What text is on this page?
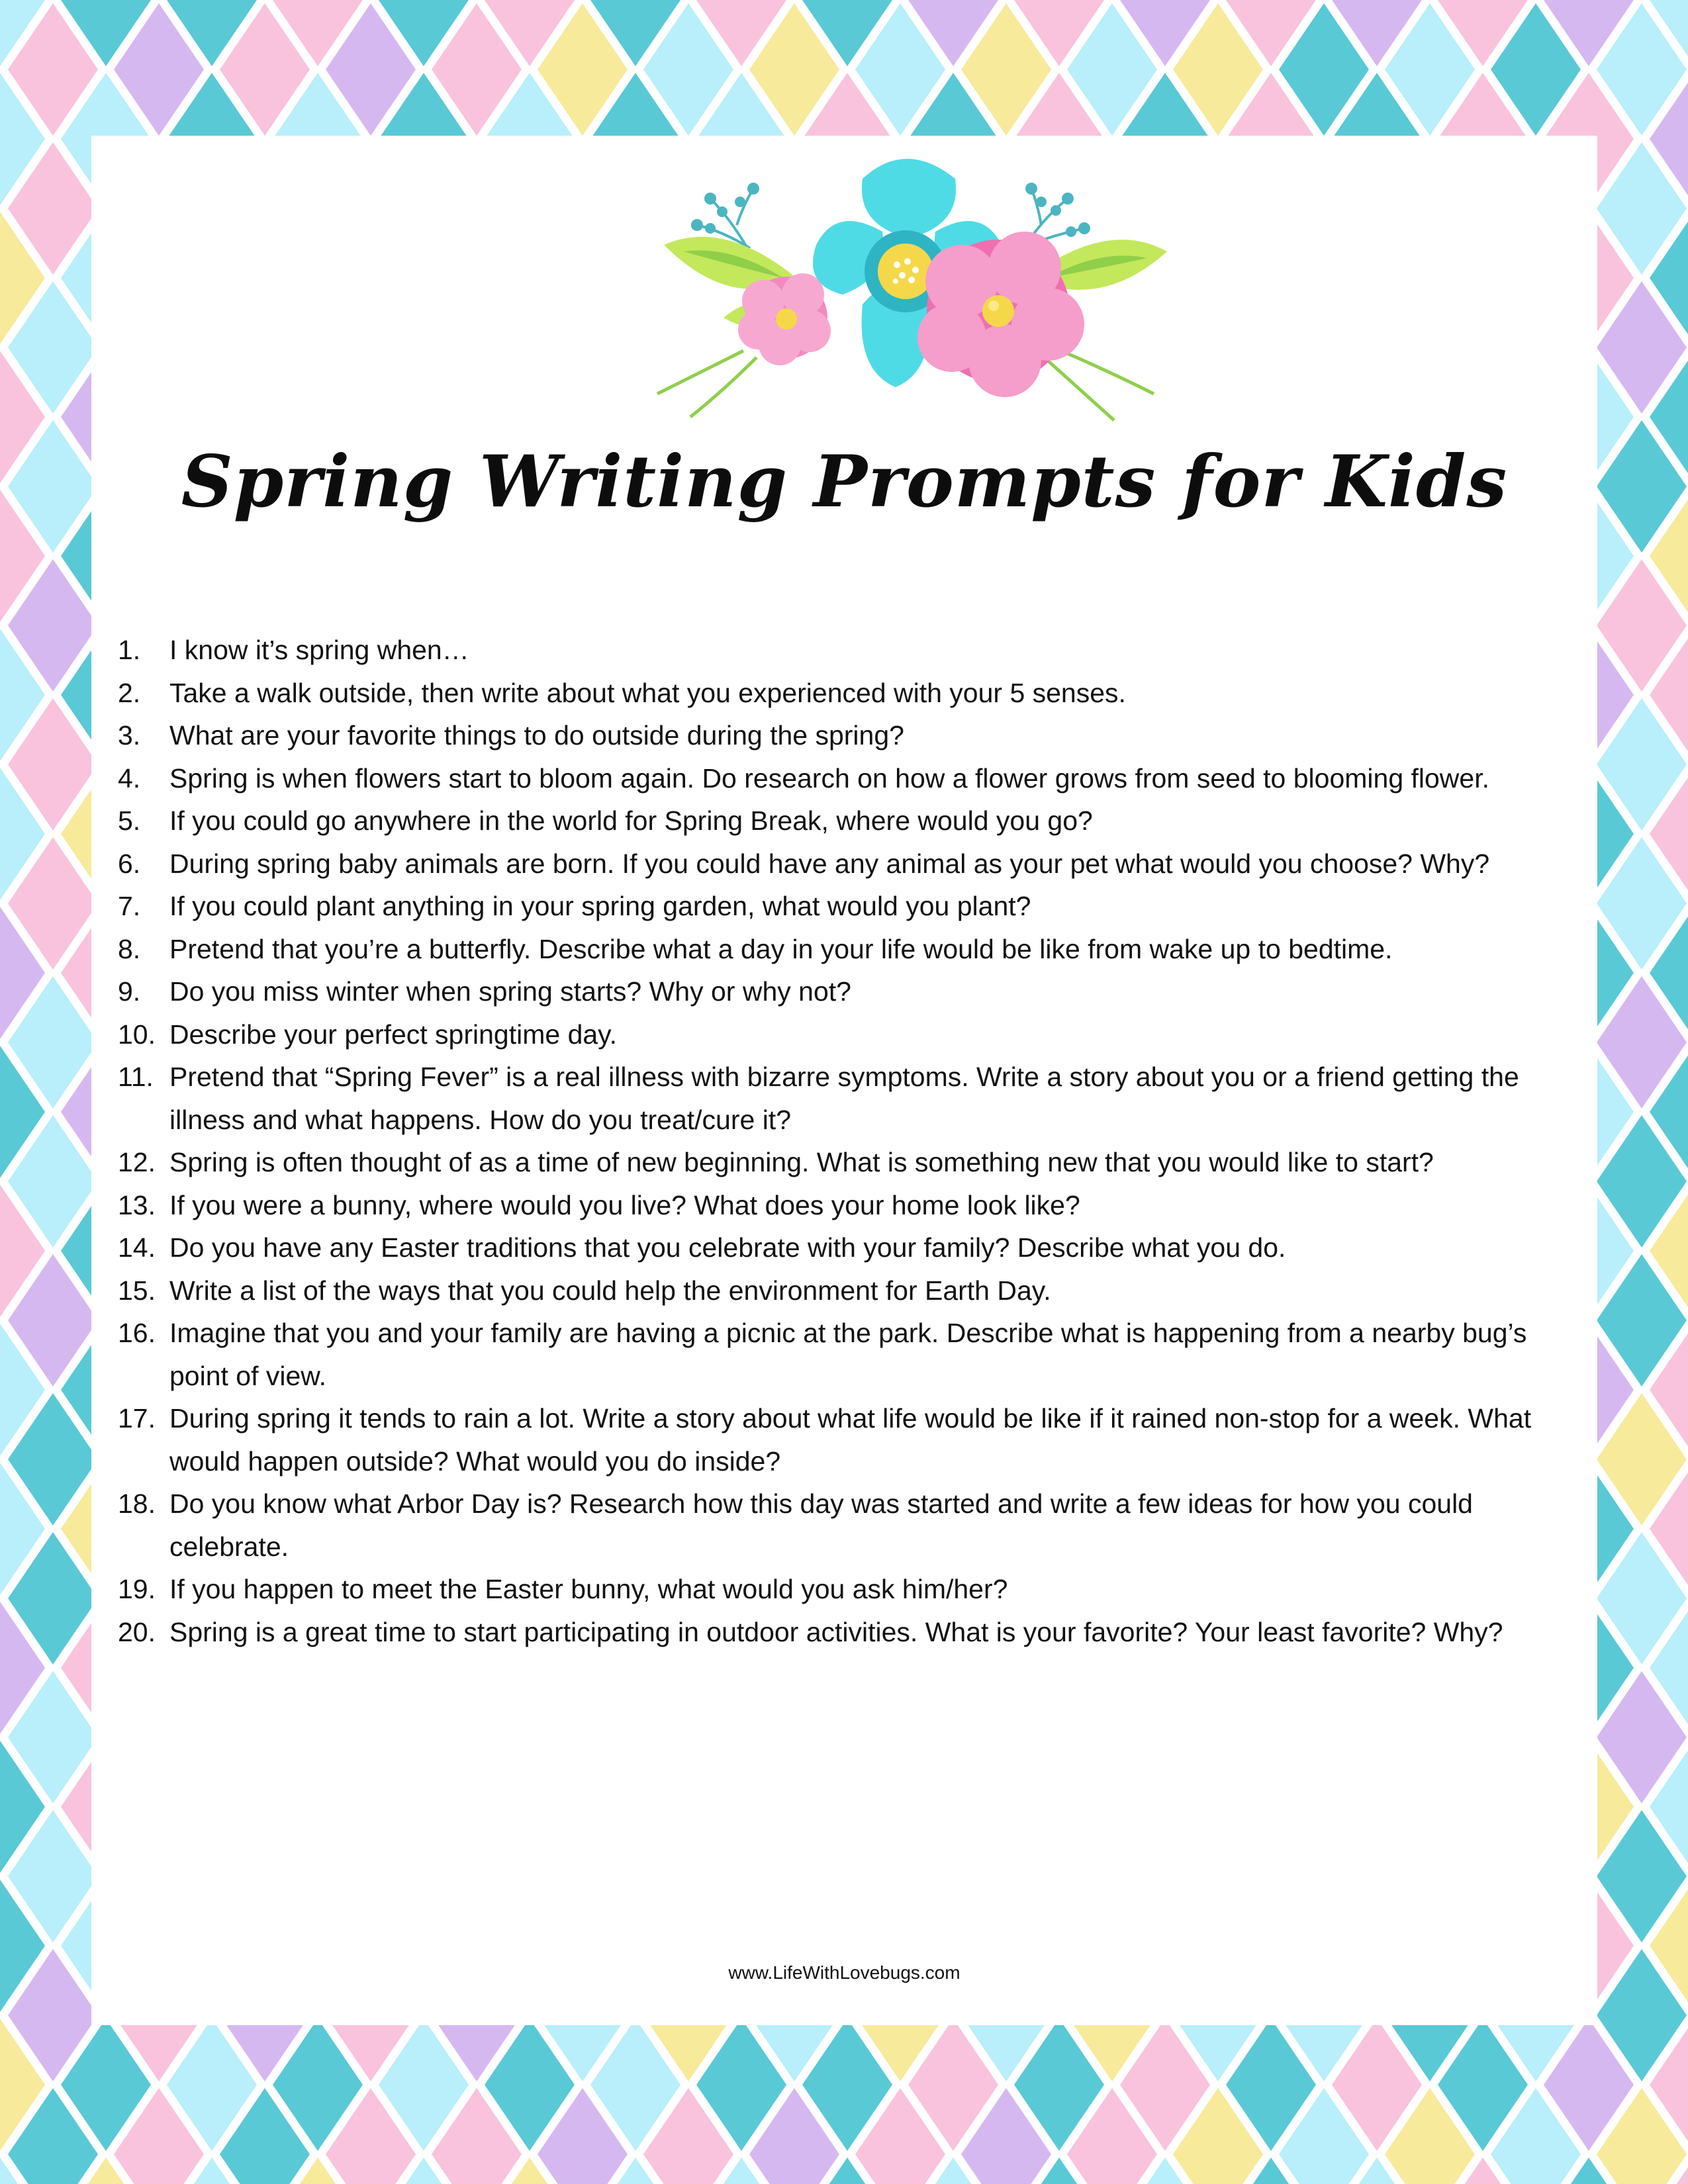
Spring Writing Prompts for Kids
1. I know it’s spring when…
2. Take a walk outside, then write about what you experienced with your 5 senses.
3. What are your favorite things to do outside during the spring?
4. Spring is when flowers start to bloom again. Do research on how a flower grows from seed to blooming flower.
5. If you could go anywhere in the world for Spring Break, where would you go?
6. During spring baby animals are born. If you could have any animal as your pet what would you choose? Why?
7. If you could plant anything in your spring garden, what would you plant?
8. Pretend that you’re a butterfly. Describe what a day in your life would be like from wake up to bedtime.
9. Do you miss winter when spring starts? Why or why not?
10. Describe your perfect springtime day.
11. Pretend that “Spring Fever” is a real illness with bizarre symptoms. Write a story about you or a friend getting the illness and what happens. How do you treat/cure it?
12. Spring is often thought of as a time of new beginning. What is something new that you would like to start?
13. If you were a bunny, where would you live? What does your home look like?
14. Do you have any Easter traditions that you celebrate with your family? Describe what you do.
15. Write a list of the ways that you could help the environment for Earth Day.
16. Imagine that you and your family are having a picnic at the park. Describe what is happening from a nearby bug’s point of view.
17. During spring it tends to rain a lot. Write a story about what life would be like if it rained non-stop for a week. What would happen outside? What would you do inside?
18. Do you know what Arbor Day is? Research how this day was started and write a few ideas for how you could celebrate.
19. If you happen to meet the Easter bunny, what would you ask him/her?
20. Spring is a great time to start participating in outdoor activities. What is your favorite? Your least favorite? Why?
www.LifeWithLovebugs.com
